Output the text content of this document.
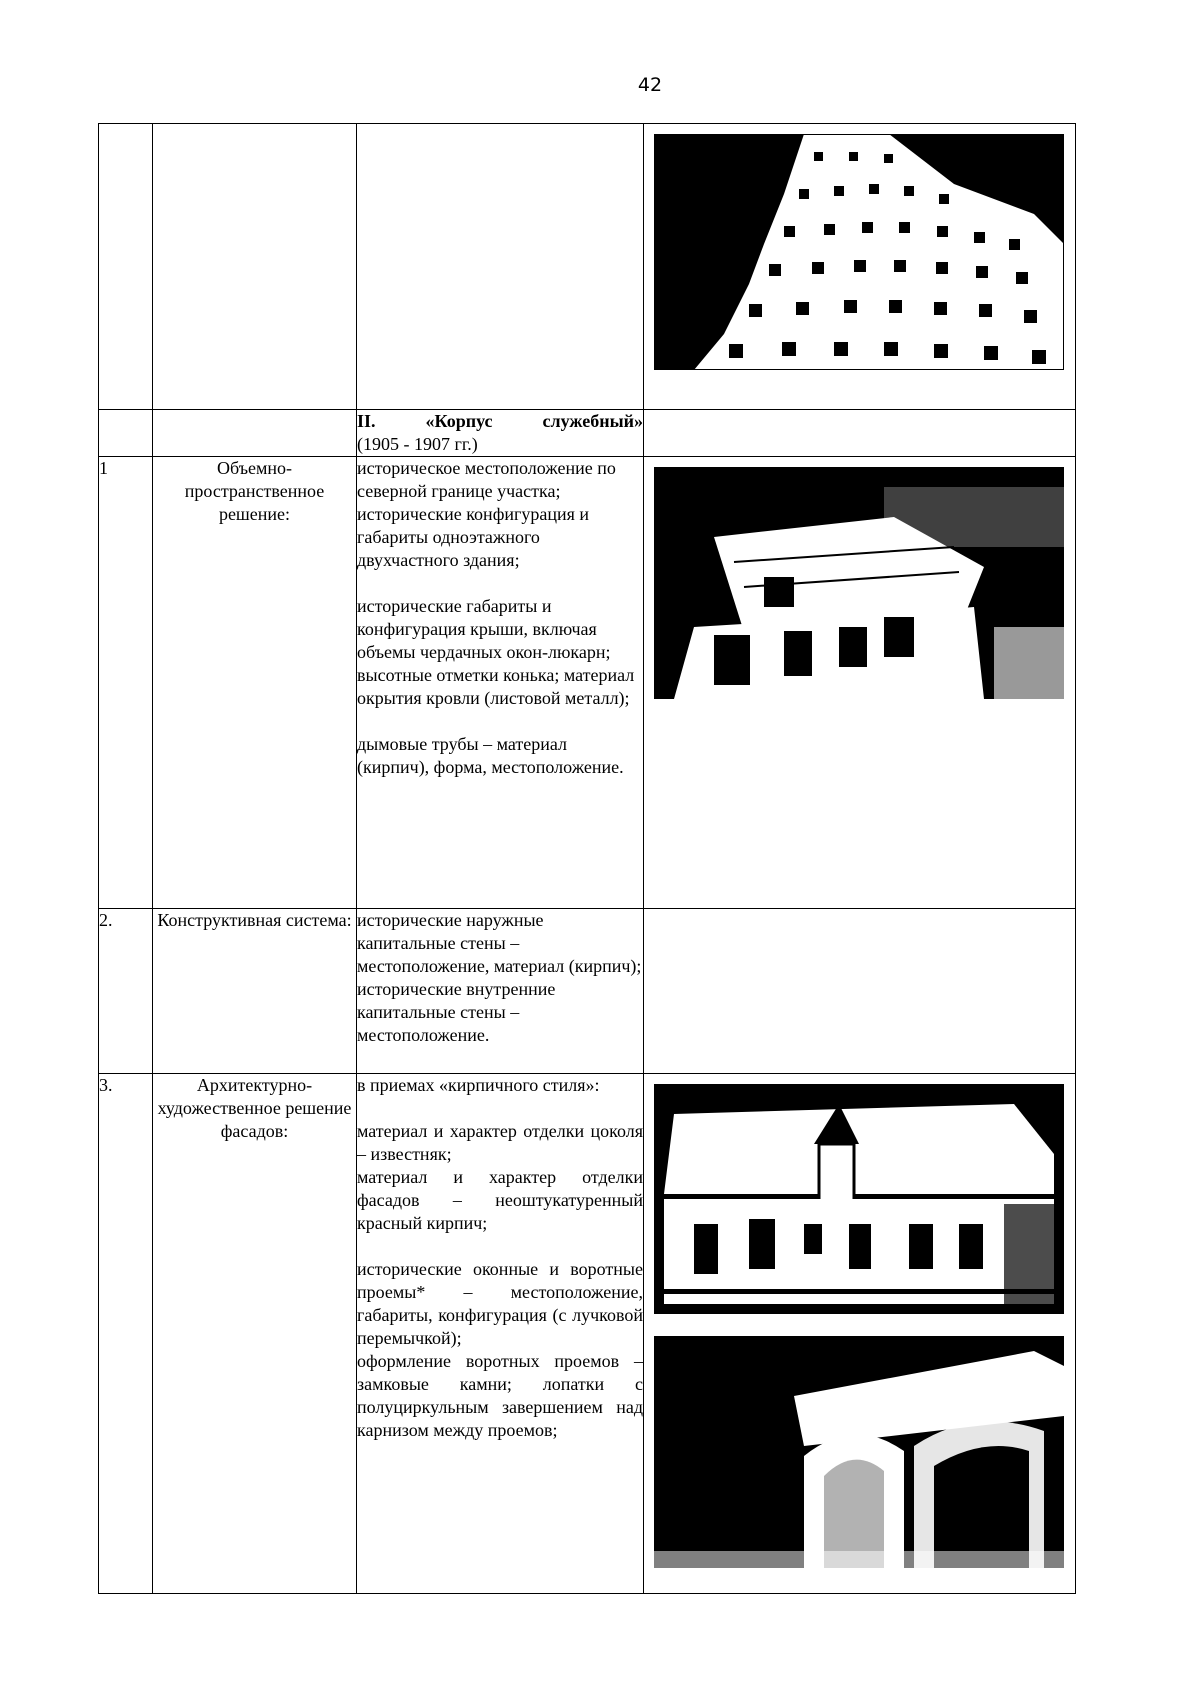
42

		II. «Корпус служебный»
(1905 - 1907 гг.)	

1	Объемно-пространственное решение:	историческое местоположение по северной границе участка;

исторические конфигурация и габариты одноэтажного двухчастного здания;

исторические габариты и конфигурация крыши, включая объемы чердачных окон-люкарн; высотные отметки конька; материал окрытия кровли (листовой металл);

дымовые трубы – материал (кирпич), форма, местоположение.

2.	Конструктивная система:	исторические наружные капитальные стены – местоположение, материал (кирпич);

исторические внутренние капитальные стены – местоположение.	

3.	Архитектурно-художественное решение фасадов:	в приемах «кирпичного стиля»:

материал и характер отделки цоколя – известняк;

материал и характер отделки фасадов – неоштукатуренный красный кирпич;

исторические оконные и воротные проемы* – местоположение, габариты, конфигурация (с лучковой перемычкой);

оформление воротных проемов – замковые камни; лопатки с полуциркульным завершением над карнизом между проемов;
